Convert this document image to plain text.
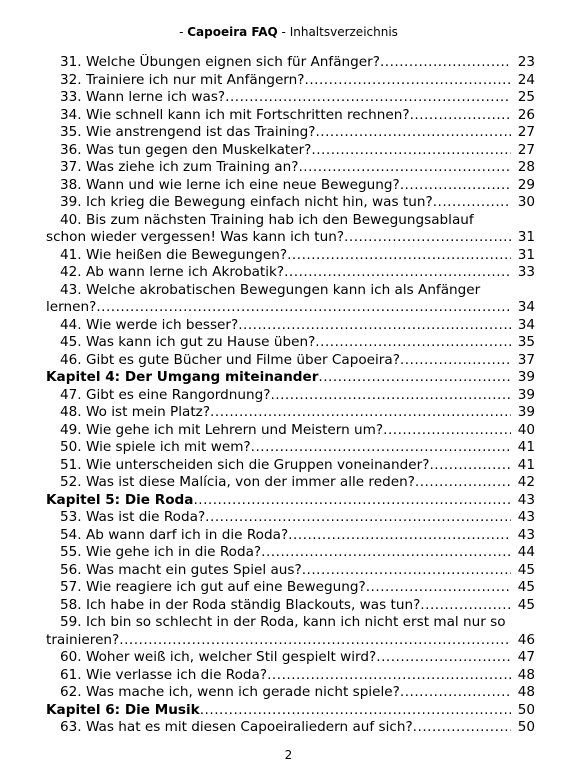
- Capoeira FAQ - Inhaltsverzeichnis
31. Welche Übungen eignen sich für Anfänger? .....	23
32. Trainiere ich nur mit Anfängern? .....	24
33. Wann lerne ich was? .....	25
34. Wie schnell kann ich mit Fortschritten rechnen? .....	26
35. Wie anstrengend ist das Training? .....	27
36. Was tun gegen den Muskelkater? .....	27
37. Was ziehe ich zum Training an? .....	28
38. Wann und wie lerne ich eine neue Bewegung? .....	29
39. Ich krieg die Bewegung einfach nicht hin, was tun? .....	30
40. Bis zum nächsten Training hab ich den Bewegungsablauf
schon wieder vergessen! Was kann ich tun? .....	31
41. Wie heißen die Bewegungen? .....	31
42. Ab wann lerne ich Akrobatik? .....	33
43. Welche akrobatischen Bewegungen kann ich als Anfänger
lernen? .....	34
44. Wie werde ich besser? .....	34
45. Was kann ich gut zu Hause üben? .....	35
46. Gibt es gute Bücher und Filme über Capoeira? .....	37
Kapitel 4: Der Umgang miteinander .....	39
47. Gibt es eine Rangordnung? .....	39
48. Wo ist mein Platz? .....	39
49. Wie gehe ich mit Lehrern und Meistern um? .....	40
50. Wie spiele ich mit wem? .....	41
51. Wie unterscheiden sich die Gruppen voneinander? .....	41
52. Was ist diese Malícia, von der immer alle reden? .....	42
Kapitel 5: Die Roda .....	43
53. Was ist die Roda? .....	43
54. Ab wann darf ich in die Roda? .....	43
55. Wie gehe ich in die Roda? .....	44
56. Was macht ein gutes Spiel aus? .....	45
57. Wie reagiere ich gut auf eine Bewegung? .....	45
58. Ich habe in der Roda ständig Blackouts, was tun? .....	45
59. Ich bin so schlecht in der Roda, kann ich nicht erst mal nur so
trainieren? .....	46
60. Woher weiß ich, welcher Stil gespielt wird? .....	47
61. Wie verlasse ich die Roda? .....	48
62. Was mache ich, wenn ich gerade nicht spiele? .....	48
Kapitel 6: Die Musik .....	50
63. Was hat es mit diesen Capoeiraliedern auf sich? .....	50
2
